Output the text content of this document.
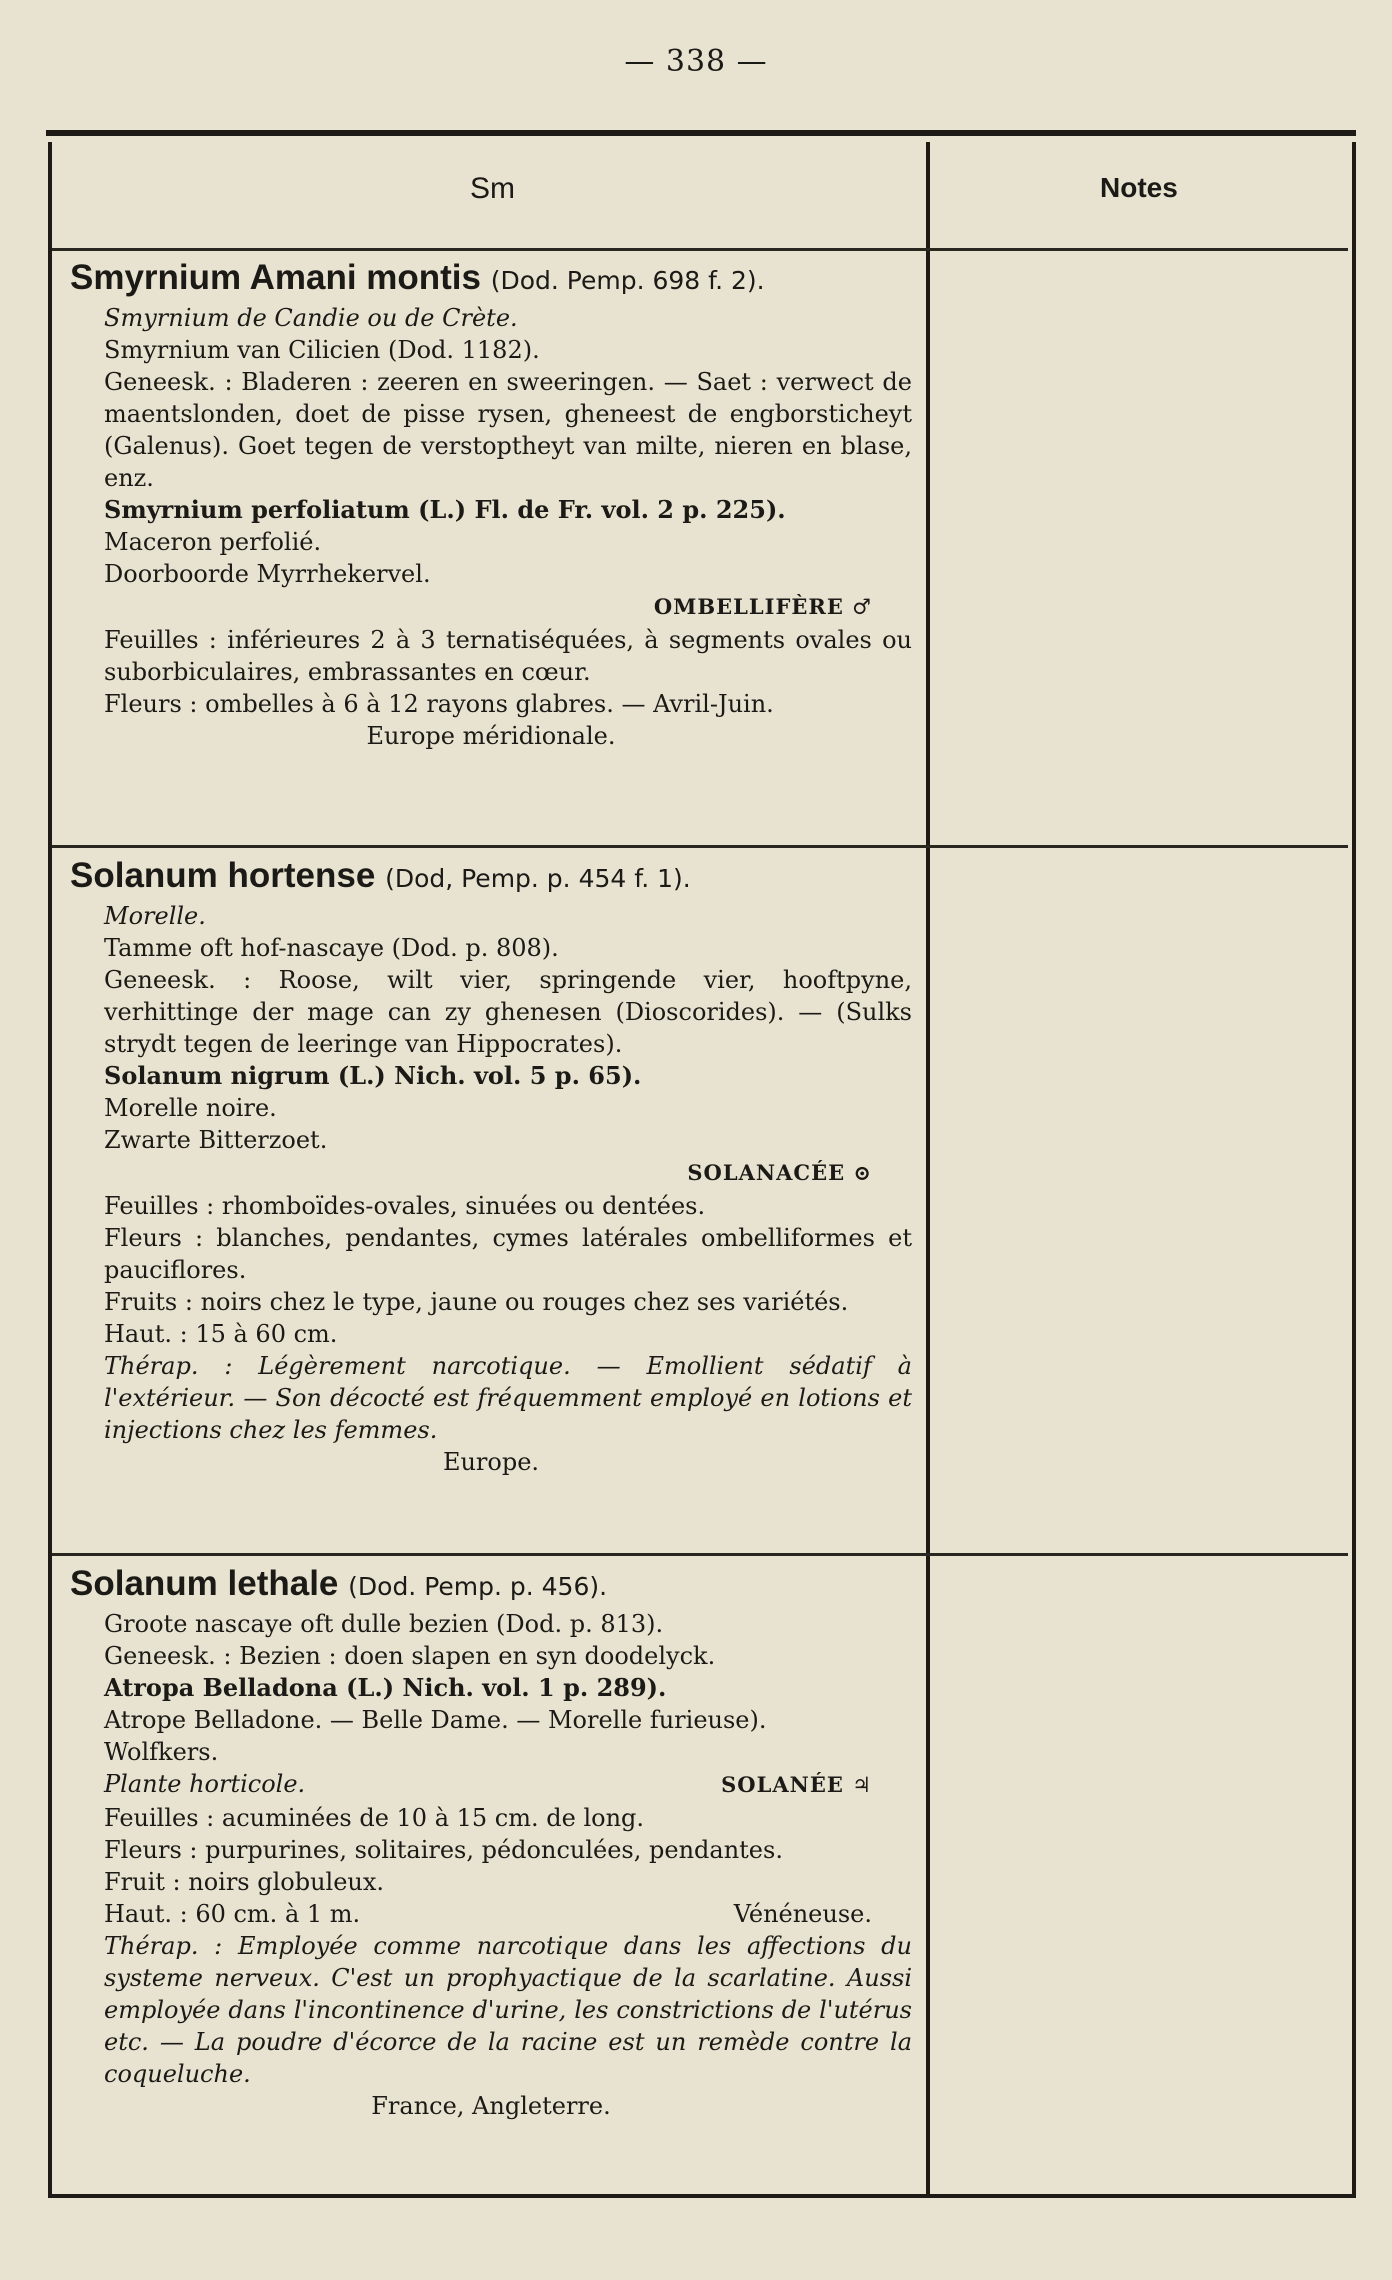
— 338 —
Sm	Notes
Smyrnium Amani montis (Dod. Pemp. 698 f. 2).
Smyrnium de Candie ou de Crète.
Smyrnium van Cilicien (Dod. 1182).
Geneesk. : Bladeren : zeeren en sweeringen. — Saet : verwect de maentslonden, doet de pisse rysen, gheneest de engborsticheyt (Galenus). Goet tegen de verstoptheyt van milte, nieren en blase, enz.
Smyrnium perfoliatum (L.) Fl. de Fr. vol. 2 p. 225).
Maceron perfolié.
Doorboorde Myrrhekervel.
OMBELLIFÈRE ♂
Feuilles : inférieures 2 à 3 ternatiséquées, à segments ovales ou suborbiculaires, embrassantes en cœur.
Fleurs : ombelles à 6 à 12 rayons glabres. — Avril-Juin.
Europe méridionale.
Solanum hortense (Dod, Pemp. p. 454 f. 1).
Morelle.
Tamme oft hof-nascaye (Dod. p. 808).
Geneesk. : Roose, wilt vier, springende vier, hooftpyne, verhittinge der mage can zy ghenesen (Dioscorides). — (Sulks strydt tegen de leeringe van Hippocrates).
Solanum nigrum (L.) Nich. vol. 5 p. 65).
Morelle noire.
Zwarte Bitterzoet.
SOLANACÉE ⊙
Feuilles : rhomboïdes-ovales, sinuées ou dentées.
Fleurs : blanches, pendantes, cymes latérales ombelliformes et pauciflores.
Fruits : noirs chez le type, jaune ou rouges chez ses variétés.
Haut. : 15 à 60 cm.
Thérap. : Légèrement narcotique. — Emollient sédatif à l'extérieur. — Son décocté est fréquemment employé en lotions et injections chez les femmes.
Europe.
Solanum lethale (Dod. Pemp. p. 456).
Groote nascaye oft dulle bezien (Dod. p. 813).
Geneesk. : Bezien : doen slapen en syn doodelyck.
Atropa Belladona (L.) Nich. vol. 1 p. 289).
Atrope Belladone. — Belle Dame. — Morelle furieuse).
Wolfkers.
Plante horticole.	SOLANÉE ♃
Feuilles : acuminées de 10 à 15 cm. de long.
Fleurs : purpurines, solitaires, pédonculées, pendantes.
Fruit : noirs globuleux.
Haut. : 60 cm. à 1 m.	Vénéneuse.
Thérap. : Employée comme narcotique dans les affections du systeme nerveux. C'est un prophyactique de la scarlatine. Aussi employée dans l'incontinence d'urine, les constrictions de l'utérus etc. — La poudre d'écorce de la racine est un remède contre la coqueluche.
France, Angleterre.
